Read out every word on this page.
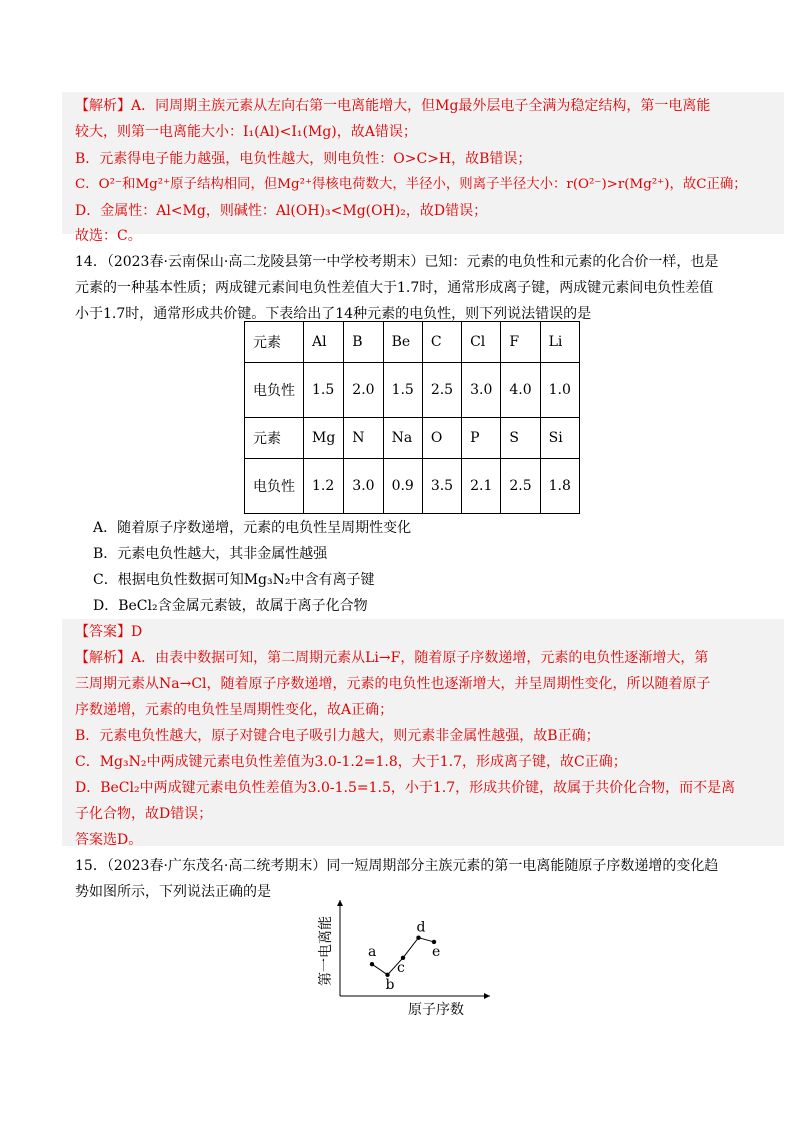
【解析】A．同周期主族元素从左向右第一电离能增大，但Mg最外层电子全满为稳定结构，第一电离能
较大，则第一电离能大小：I₁(Al)<I₁(Mg)，故A错误；
B．元素得电子能力越强，电负性越大，则电负性：O>C>H，故B错误；
C．O²⁻和Mg²⁺原子结构相同，但Mg²⁺得核电荷数大，半径小，则离子半径大小：r(O²⁻)>r(Mg²⁺)，故C正确；
D．金属性：Al<Mg，则碱性：Al(OH)₃<Mg(OH)₂，故D错误；
故选：C。
14．（2023春·云南保山·高二龙陵县第一中学校考期末）已知：元素的电负性和元素的化合价一样，也是
元素的一种基本性质；两成键元素间电负性差值大于1.7时，通常形成离子键，两成键元素间电负性差值
小于1.7时，通常形成共价键。下表给出了14种元素的电负性，则下列说法错误的是
元素	Al	B	Be	C	Cl	F	Li
电负性	1.5	2.0	1.5	2.5	3.0	4.0	1.0
元素	Mg	N	Na	O	P	S	Si
电负性	1.2	3.0	0.9	3.5	2.1	2.5	1.8
A．随着原子序数递增，元素的电负性呈周期性变化
B．元素电负性越大，其非金属性越强
C．根据电负性数据可知Mg₃N₂中含有离子键
D．BeCl₂含金属元素铍，故属于离子化合物
【答案】D
【解析】A．由表中数据可知，第二周期元素从Li→F，随着原子序数递增，元素的电负性逐渐增大，第
三周期元素从Na→Cl，随着原子序数递增，元素的电负性也逐渐增大，并呈周期性变化，所以随着原子
序数递增，元素的电负性呈周期性变化，故A正确；
B．元素电负性越大，原子对键合电子吸引力越大，则元素非金属性越强，故B正确；
C．Mg₃N₂中两成键元素电负性差值为3.0-1.2=1.8，大于1.7，形成离子键，故C正确；
D．BeCl₂中两成键元素电负性差值为3.0-1.5=1.5，小于1.7，形成共价键，故属于共价化合物，而不是离
子化合物，故D错误；
答案选D。
15．（2023春·广东茂名·高二统考期末）同一短周期部分主族元素的第一电离能随原子序数递增的变化趋
势如图所示，下列说法正确的是
第一电离能
原子序数
a
b
c
d
e
